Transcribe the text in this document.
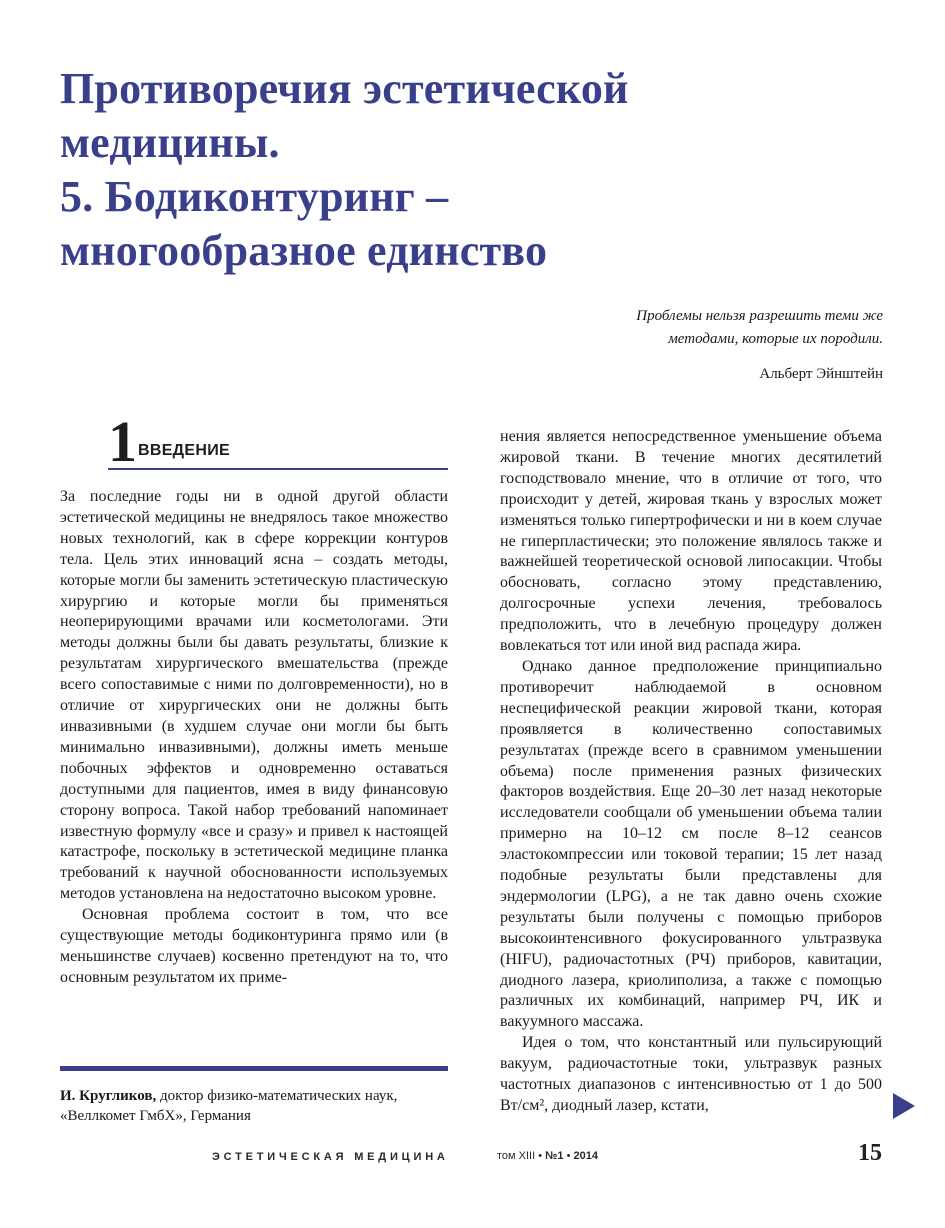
Противоречия эстетической
медицины.
5. Бодиконтуринг –
многообразное единство
Проблемы нельзя разрешить теми же
методами, которые их породили.
Альберт Эйнштейн
1 ВВЕДЕНИЕ

За последние годы ни в одной другой области эстетической медицины не внедрялось такое множество новых технологий, как в сфере коррекции контуров тела. Цель этих инноваций ясна – создать методы, которые могли бы заменить эстетическую пластическую хирургию и которые могли бы применяться неоперирующими врачами или косметологами. Эти методы должны были бы давать результаты, близкие к результатам хирургического вмешательства (прежде всего сопоставимые с ними по долговременности), но в отличие от хирургических они не должны быть инвазивными (в худшем случае они могли бы быть минимально инвазивными), должны иметь меньше побочных эффектов и одновременно оставаться доступными для пациентов, имея в виду финансовую сторону вопроса. Такой набор требований напоминает известную формулу «все и сразу» и привел к настоящей катастрофе, поскольку в эстетической медицине планка требований к научной обоснованности используемых методов установлена на недостаточно высоком уровне.

Основная проблема состоит в том, что все существующие методы бодиконтуринга прямо или (в меньшинстве случаев) косвенно претендуют на то, что основным результатом их приме-

нения является непосредственное уменьшение объема жировой ткани. В течение многих десятилетий господствовало мнение, что в отличие от того, что происходит у детей, жировая ткань у взрослых может изменяться только гипертрофически и ни в коем случае не гиперпластически; это положение являлось также и важнейшей теоретической основой липосакции. Чтобы обосновать, согласно этому представлению, долгосрочные успехи лечения, требовалось предположить, что в лечебную процедуру должен вовлекаться тот или иной вид распада жира.

Однако данное предположение принципиально противоречит наблюдаемой в основном неспецифической реакции жировой ткани, которая проявляется в количественно сопоставимых результатах (прежде всего в сравнимом уменьшении объема) после применения разных физических факторов воздействия. Еще 20–30 лет назад некоторые исследователи сообщали об уменьшении объема талии примерно на 10–12 см после 8–12 сеансов эластокомпрессии или токовой терапии; 15 лет назад подобные результаты были представлены для эндермологии (LPG), а не так давно очень схожие результаты были получены с помощью приборов высокоинтенсивного фокусированного ультразвука (HIFU), радиочастотных (РЧ) приборов, кавитации, диодного лазера, криолиполиза, а также с помощью различных их комбинаций, например РЧ, ИК и вакуумного массажа.

Идея о том, что константный или пульсирующий вакуум, радиочастотные токи, ультразвук разных частотных диапазонов с интенсивностью от 1 до 500 Вт/см², диодный лазер, кстати,

И. Кругликов, доктор физико-математических наук, «Веллкомет ГмбХ», Германия
ЭСТЕТИЧЕСКАЯ МЕДИЦИНА	том XIII • №1 • 2014	15
